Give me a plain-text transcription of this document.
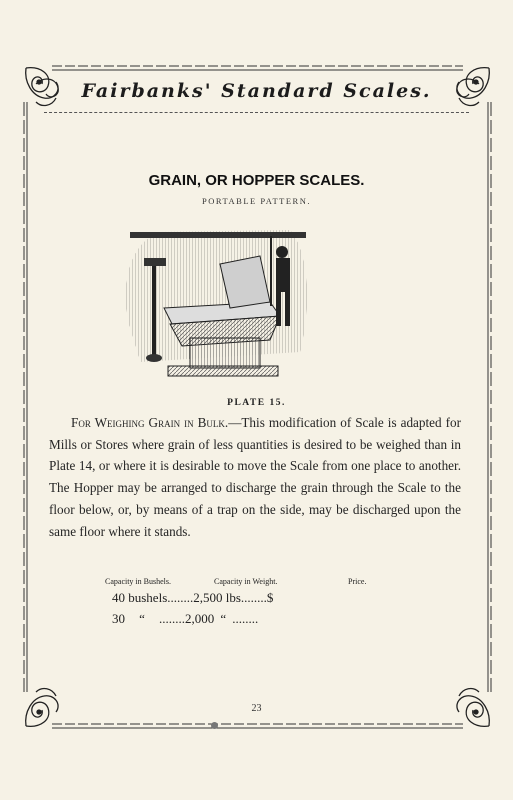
Fairbanks' Standard Scales.
GRAIN, OR HOPPER SCALES.
PORTABLE PATTERN.
PLATE 15.

For Weighing Grain in Bulk.—This modification of Scale is adapted for Mills or Stores where grain of less quantities is desired to be weighed than in Plate 14, or where it is desirable to move the Scale from one place to another. The Hopper may be arranged to discharge the grain through the Scale to the floor below, or, by means of a trap on the side, may be discharged upon the same floor where it stands.

Capacity in Bushels.	Capacity in Weight.	Price.
40 bushels........2,500 lbs........$
30 “ ........2,000 “ ........
23
